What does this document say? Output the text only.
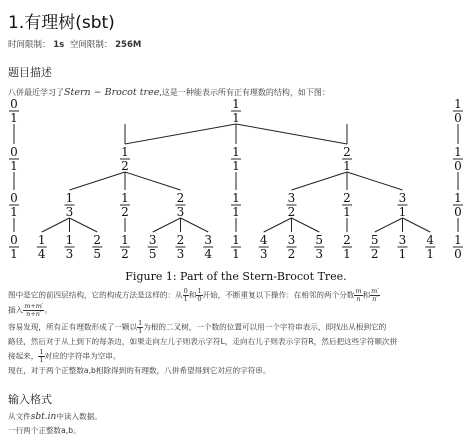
1.有理树(sbt)
时间限制： 1s 空间限制： 256M
题目描述
八併最近学习了Stern − Brocot tree,这是一种能表示所有正有理数的结构，如下图：
0
1
1
1
1
0
0
1
1
2
1
1
2
1
1
0
0
1
1
3
1
2
2
3
1
1
3
2
2
1
3
1
1
0
0
1
1
4
1
3
2
5
1
2
3
5
2
3
3
4
1
1
4
3
3
2
5
3
2
1
5
2
3
1
4
1
1
0
Figure 1: Part of the Stern-Brocot Tree.
图中是它的前四层结构，它的构成方法是这样的：从 $\frac{0}{1}$ 和 $\frac{1}{0}$ 开始，不断重复以下操作：在相邻的两个分数 $\frac{m}{n}$ 和 $\frac{m'}{n'}$
插入 $\frac{m+m'}{n+n'}$ 。
容易发现，所有正有理数形成了一颗以 $\frac{1}{1}$ 为根的二叉树，一个数的位置可以用一个字符串表示，即找出从根到它的
路径，然后对于从上到下的每条边，如果走向左儿子则表示字符L，走向右儿子则表示字符R，然后把这些字符顺次拼
接起来， $\frac{1}{1}$ 对应的字符串为空串。
现在，对于两个正整数a,b相除得到的有理数，八併希望得到它对应的字符串。
输入格式
从文件sbt.in中读入数据。
一行两个正整数a,b。
